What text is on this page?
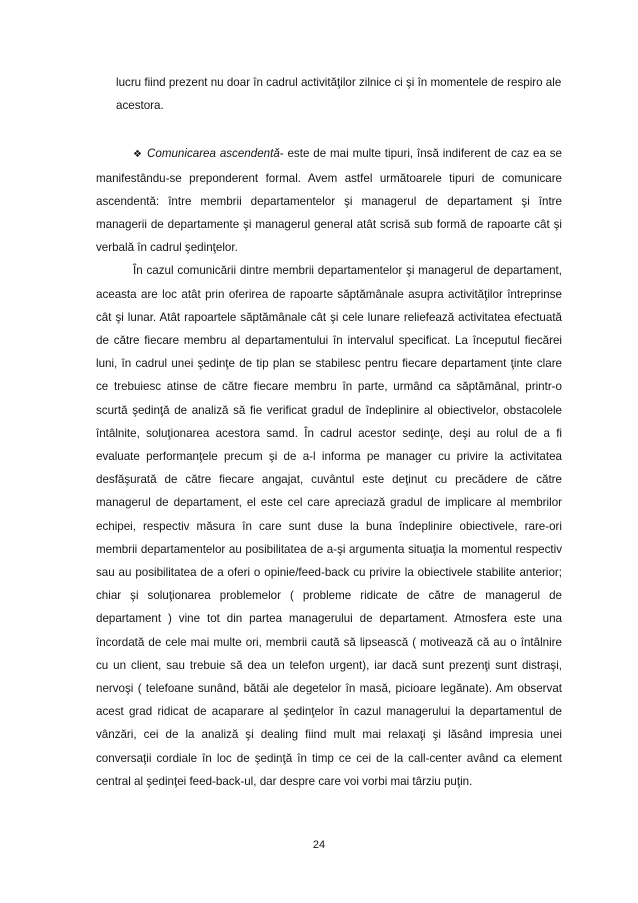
lucru fiind prezent nu doar în cadrul activităţilor zilnice ci şi în momentele de respiro ale acestora.

❖ Comunicarea ascendentă- este de mai multe tipuri, însă indiferent de caz ea se manifestându-se preponderent formal. Avem astfel următoarele tipuri de comunicare ascendentă: între membrii departamentelor şi managerul de departament şi între managerii de departamente şi managerul general atât scrisă sub formă de rapoarte cât şi verbală în cadrul şedinţelor.

În cazul comunicării dintre membrii departamentelor şi managerul de departament, aceasta are loc atât prin oferirea de rapoarte săptămânale asupra activităţilor întreprinse cât şi lunar. Atât rapoartele săptămânale cât şi cele lunare reliefează activitatea efectuată de către fiecare membru al departamentului în intervalul specificat. La începutul fiecărei luni, în cadrul unei şedinţe de tip plan se stabilesc pentru fiecare departament ţinte clare ce trebuiesc atinse de către fiecare membru în parte, urmând ca săptămânal, printr-o scurtă şedinţă de analiză să fie verificat gradul de îndeplinire al obiectivelor, obstacolele întâlnite, soluţionarea acestora samd. În cadrul acestor sedinţe, deşi au rolul de a fi evaluate performanţele precum şi de a-l informa pe manager cu privire la activitatea desfăşurată de către fiecare angajat, cuvântul este deţinut cu precădere de către managerul de departament, el este cel care apreciază gradul de implicare al membrilor echipei, respectiv măsura în care sunt duse la buna îndeplinire obiectivele, rare-ori membrii departamentelor au posibilitatea de a-şi argumenta situaţia la momentul respectiv sau au posibilitatea de a oferi o opinie/feed-back cu privire la obiectivele stabilite anterior; chiar şi soluţionarea problemelor ( probleme ridicate de către de managerul de departament ) vine tot din partea managerului de departament. Atmosfera este una încordată de cele mai multe ori, membrii caută să lipsească ( motivează că au o întâlnire cu un client, sau trebuie să dea un telefon urgent), iar dacă sunt prezenţi sunt distraşi, nervoşi ( telefoane sunând, bătăi ale degetelor în masă, picioare legănate). Am observat acest grad ridicat de acaparare al şedinţelor în cazul managerului la departamentul de vânzări, cei de la analiză şi dealing fiind mult mai relaxaţi şi lăsând impresia unei conversaţii cordiale în loc de şedinţă în timp ce cei de la call-center având ca element central al şedinţei feed-back-ul, dar despre care voi vorbi mai târziu puţin.

24
